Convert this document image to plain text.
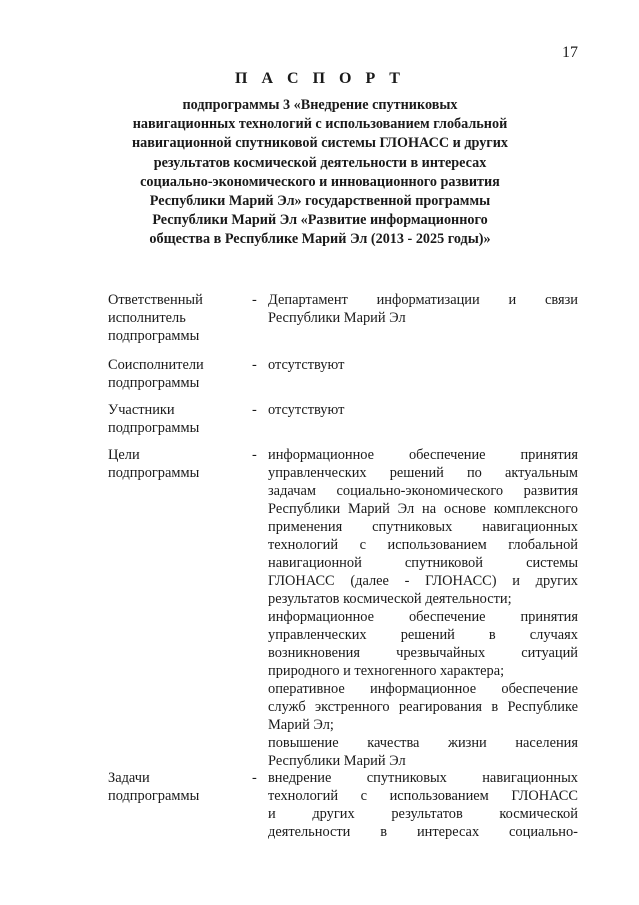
17
П А С П О Р Т
подпрограммы 3 «Внедрение спутниковых
навигационных технологий с использованием глобальной
навигационной спутниковой системы ГЛОНАСС и других
результатов космической деятельности в интересах
социально-экономического и инновационного развития
Республики Марий Эл» государственной программы
Республики Марий Эл «Развитие информационного
общества в Республике Марий Эл (2013 - 2025 годы)»
Ответственный
исполнитель
подпрограммы
- Департамент информатизации и связи
Республики Марий Эл
Соисполнители
подпрограммы
- отсутствуют
Участники
подпрограммы
- отсутствуют
Цели
подпрограммы
- информационное обеспечение принятия
управленческих решений по актуальным
задачам социально-экономического развития
Республики Марий Эл на основе комплексного
применения спутниковых навигационных
технологий с использованием глобальной
навигационной	спутниковой	системы
ГЛОНАСС (далее - ГЛОНАСС) и других
результатов космической деятельности;
информационное обеспечение принятия
управленческих решений в случаях
возникновения	чрезвычайных	ситуаций
природного и техногенного характера;
оперативное информационное обеспечение
служб экстренного реагирования в Республике
Марий Эл;
повышение качества жизни населения
Республики Марий Эл
Задачи
подпрограммы
- внедрение спутниковых навигационных
технологий с использованием ГЛОНАСС
и	других	результатов	космической
деятельности в интересах социально-
